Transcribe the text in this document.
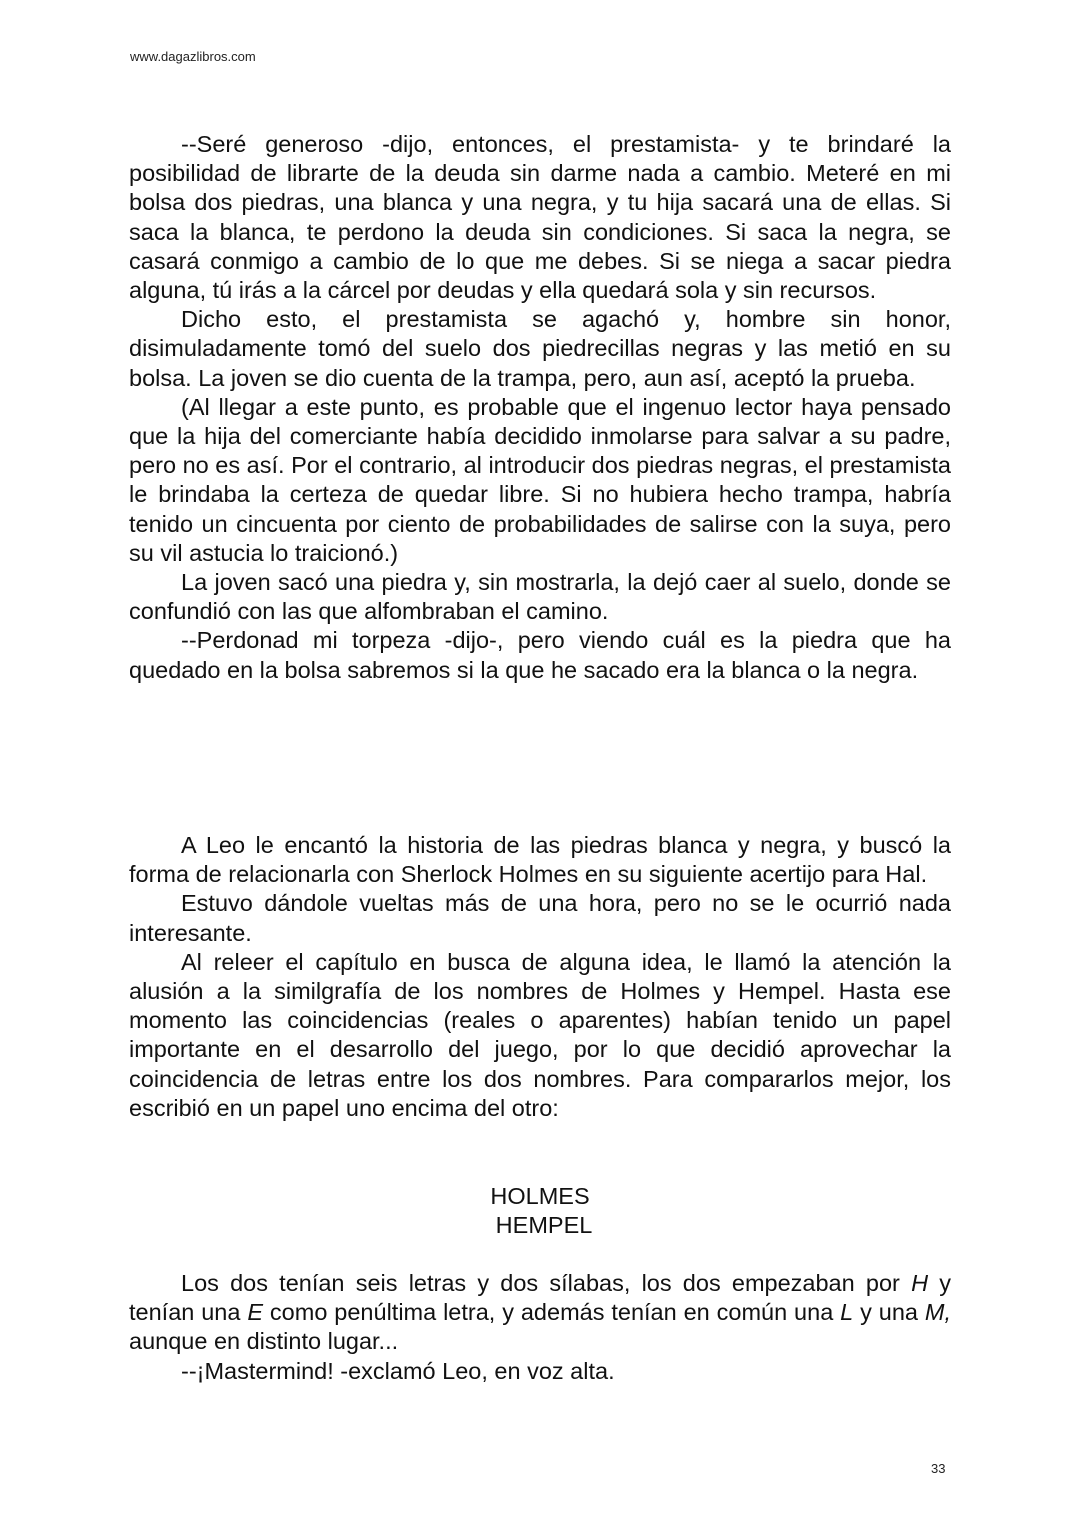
www.dagazlibros.com

--Seré generoso -dijo, entonces, el prestamista- y te brindaré la posibilidad de librarte de la deuda sin darme nada a cambio. Meteré en mi bolsa dos piedras, una blanca y una negra, y tu hija sacará una de ellas. Si saca la blanca, te perdono la deuda sin condiciones. Si saca la negra, se casará conmigo a cambio de lo que me debes. Si se niega a sacar piedra alguna, tú irás a la cárcel por deudas y ella quedará sola y sin recursos.

Dicho esto, el prestamista se agachó y, hombre sin honor, disimuladamente tomó del suelo dos piedrecillas negras y las metió en su bolsa. La joven se dio cuenta de la trampa, pero, aun así, aceptó la prueba.

(Al llegar a este punto, es probable que el ingenuo lector haya pensado que la hija del comerciante había decidido inmolarse para salvar a su padre, pero no es así. Por el contrario, al introducir dos piedras negras, el prestamista le brindaba la certeza de quedar libre. Si no hubiera hecho trampa, habría tenido un cincuenta por ciento de probabilidades de salirse con la suya, pero su vil astucia lo traicionó.)

La joven sacó una piedra y, sin mostrarla, la dejó caer al suelo, donde se confundió con las que alfombraban el camino.

--Perdonad mi torpeza -dijo-, pero viendo cuál es la piedra que ha quedado en la bolsa sabremos si la que he sacado era la blanca o la negra.

A Leo le encantó la historia de las piedras blanca y negra, y buscó la forma de relacionarla con Sherlock Holmes en su siguiente acertijo para Hal.

Estuvo dándole vueltas más de una hora, pero no se le ocurrió nada interesante.

Al releer el capítulo en busca de alguna idea, le llamó la atención la alusión a la similgrafía de los nombres de Holmes y Hempel. Hasta ese momento las coincidencias (reales o aparentes) habían tenido un papel importante en el desarrollo del juego, por lo que decidió aprovechar la coincidencia de letras entre los dos nombres. Para compararlos mejor, los escribió en un papel uno encima del otro:

HOLMES
HEMPEL

Los dos tenían seis letras y dos sílabas, los dos empezaban por H y tenían una E como penúltima letra, y además tenían en común una L y una M, aunque en distinto lugar...

--¡Mastermind! -exclamó Leo, en voz alta.

33
